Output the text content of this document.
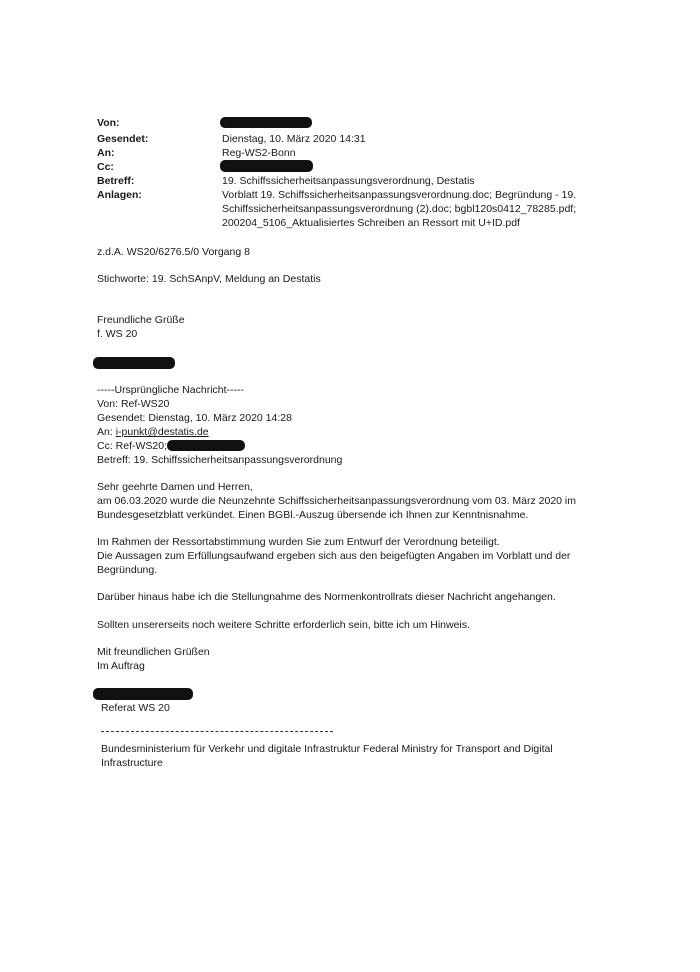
Von:
Gesendet:
An:
Cc:
Betreff:
Anlagen:
Dienstag, 10. März 2020 14:31
Reg-WS2-Bonn
19. Schiffssicherheitsanpassungsverordnung, Destatis
Vorblatt 19. Schiffssicherheitsanpassungsverordnung.doc; Begründung - 19.
Schiffssicherheitsanpassungsverordnung (2).doc; bgbl120s0412_78285.pdf;
200204_5106_Aktualisiertes Schreiben an Ressort mit U+ID.pdf
z.d.A. WS20/6276.5/0 Vorgang 8
Stichworte: 19. SchSAnpV, Meldung an Destatis
Freundliche Grüße
f. WS 20
-----Ursprüngliche Nachricht-----
Von: Ref-WS20
Gesendet: Dienstag, 10. März 2020 14:28
An: i-punkt@destatis.de
Cc: Ref-WS20;
Betreff: 19. Schiffssicherheitsanpassungsverordnung
Sehr geehrte Damen und Herren,
am 06.03.2020 wurde die Neunzehnte Schiffssicherheitsanpassungsverordnung vom 03. März 2020 im
Bundesgesetzblatt verkündet. Einen BGBl.-Auszug übersende ich Ihnen zur Kenntnisnahme.
Im Rahmen der Ressortabstimmung wurden Sie zum Entwurf der Verordnung beteiligt.
Die Aussagen zum Erfüllungsaufwand ergeben sich aus den beigefügten Angaben im Vorblatt und der
Begründung.
Darüber hinaus habe ich die Stellungnahme des Normenkontrollrats dieser Nachricht angehangen.
Sollten unsererseits noch weitere Schritte erforderlich sein, bitte ich um Hinweis.
Mit freundlichen Grüßen
Im Auftrag
Referat WS 20
Bundesministerium für Verkehr und digitale Infrastruktur Federal Ministry for Transport and Digital
Infrastructure
